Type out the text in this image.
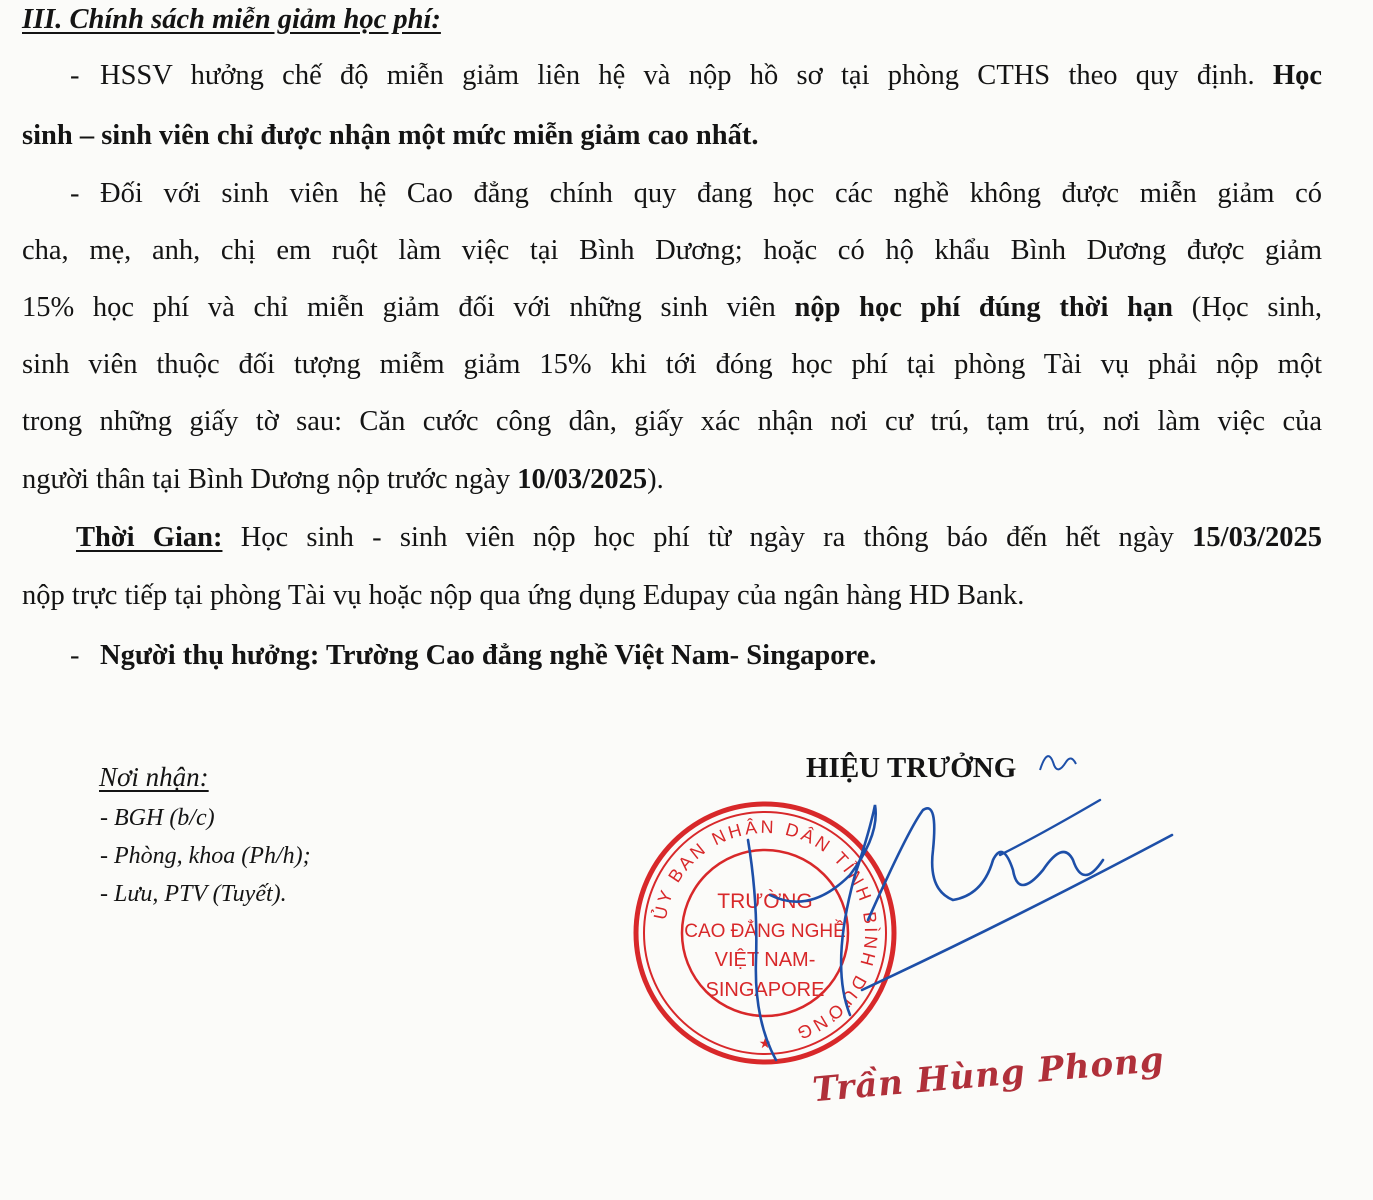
III. Chính sách miễn giảm học phí:
- HSSV hưởng chế độ miễn giảm liên hệ và nộp hồ sơ tại phòng CTHS theo quy định. Học
sinh – sinh viên chỉ được nhận một mức miễn giảm cao nhất.
- Đối với sinh viên hệ Cao đẳng chính quy đang học các nghề không được miễn giảm có
cha, mẹ, anh, chị em ruột làm việc tại Bình Dương; hoặc có hộ khẩu Bình Dương được giảm
15% học phí và chỉ miễn giảm đối với những sinh viên nộp học phí đúng thời hạn (Học sinh,
sinh viên thuộc đối tượng miễm giảm 15% khi tới đóng học phí tại phòng Tài vụ phải nộp một
trong những giấy tờ sau: Căn cước công dân, giấy xác nhận nơi cư trú, tạm trú, nơi làm việc của
người thân tại Bình Dương nộp trước ngày 10/03/2025).
Thời Gian: Học sinh - sinh viên nộp học phí từ ngày ra thông báo đến hết ngày 15/03/2025
nộp trực tiếp tại phòng Tài vụ hoặc nộp qua ứng dụng Edupay của ngân hàng HD Bank.
- Người thụ hưởng: Trường Cao đẳng nghề Việt Nam- Singapore.
Nơi nhận:
- BGH (b/c)
- Phòng, khoa (Ph/h);
- Lưu, PTV (Tuyết).
HIỆU TRƯỞNG
ỦY BAN NHÂN DÂN TỈNH BÌNH DƯƠNG
TRƯỜNG
CAO ĐẲNG NGHỀ
VIỆT NAM-
SINGAPORE
★ Trần Hùng Phong
